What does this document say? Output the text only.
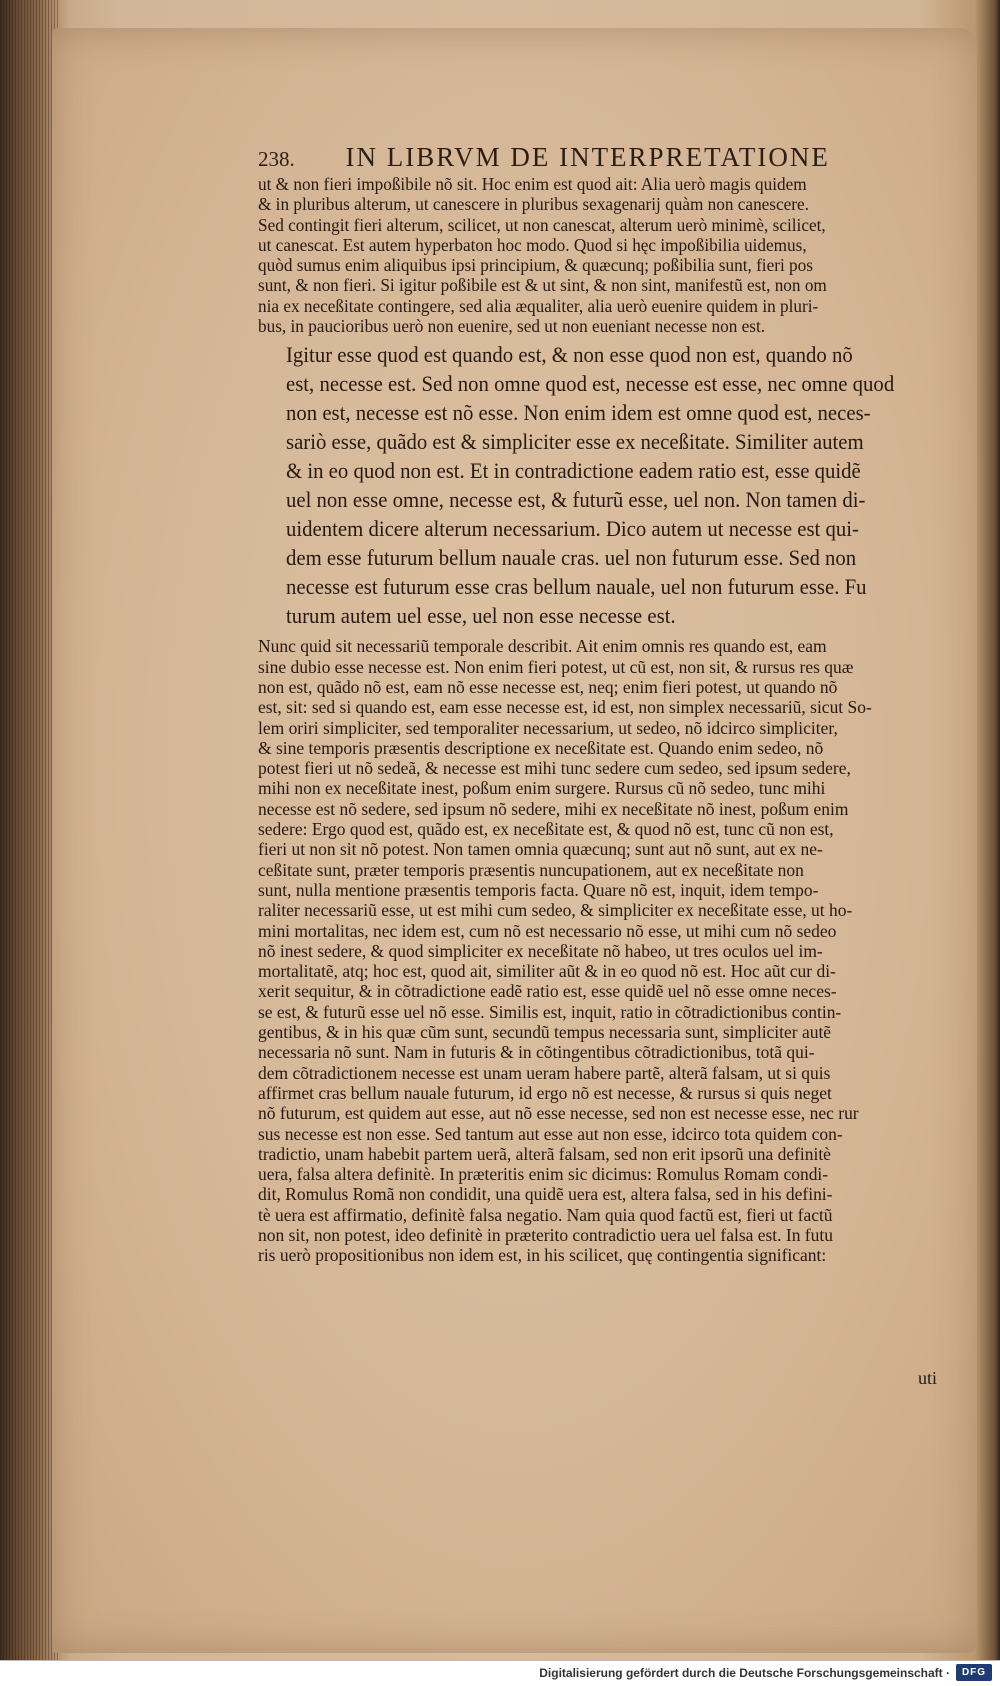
238. IN LIBRVM DE INTERPRETATIONE

ut & non fieri impoßibile nõ sit. Hoc enim est quod ait: Alia uerò magis quidem

& in pluribus alterum, ut canescere in pluribus sexagenarij quàm non canescere.

Sed contingit fieri alterum, scilicet, ut non canescat, alterum uerò minimè, scilicet,

ut canescat. Est autem hyperbaton hoc modo. Quod si hęc impoßibilia uidemus,

quòd sumus enim aliquibus ipsi principium, & quæcunq; poßibilia sunt, fieri pos

sunt, & non fieri. Si igitur poßibile est & ut sint, & non sint, manifestũ est, non om

nia ex neceßitate contingere, sed alia æqualiter, alia uerò euenire quidem in pluri-

bus, in paucioribus uerò non euenire, sed ut non eueniant necesse non est.

Igitur esse quod est quando est, & non esse quod non est, quando nõ

est, necesse est. Sed non omne quod est, necesse est esse, nec omne quod

non est, necesse est nõ esse. Non enim idem est omne quod est, neces-

sariò esse, quãdo est & simpliciter esse ex neceßitate. Similiter autem

& in eo quod non est. Et in contradictione eadem ratio est, esse quidẽ

uel non esse omne, necesse est, & futurũ esse, uel non. Non tamen di-

uidentem dicere alterum necessarium. Dico autem ut necesse est qui-

dem esse futurum bellum nauale cras. uel non futurum esse. Sed non

necesse est futurum esse cras bellum nauale, uel non futurum esse. Fu

turum autem uel esse, uel non esse necesse est.

Nunc quid sit necessariũ temporale describit. Ait enim omnis res quando est, eam

sine dubio esse necesse est. Non enim fieri potest, ut cũ est, non sit, & rursus res quæ

non est, quãdo nõ est, eam nõ esse necesse est, neq; enim fieri potest, ut quando nõ

est, sit: sed si quando est, eam esse necesse est, id est, non simplex necessariũ, sicut So-

lem oriri simpliciter, sed temporaliter necessarium, ut sedeo, nõ idcirco simpliciter,

& sine temporis præsentis descriptione ex neceßitate est. Quando enim sedeo, nõ

potest fieri ut nõ sedeã, & necesse est mihi tunc sedere cum sedeo, sed ipsum sedere,

mihi non ex neceßitate inest, poßum enim surgere. Rursus cũ nõ sedeo, tunc mihi

necesse est nõ sedere, sed ipsum nõ sedere, mihi ex neceßitate nõ inest, poßum enim

sedere: Ergo quod est, quãdo est, ex neceßitate est, & quod nõ est, tunc cũ non est,

fieri ut non sit nõ potest. Non tamen omnia quæcunq; sunt aut nõ sunt, aut ex ne-

ceßitate sunt, præter temporis præsentis nuncupationem, aut ex neceßitate non

sunt, nulla mentione præsentis temporis facta. Quare nõ est, inquit, idem tempo-

raliter necessariũ esse, ut est mihi cum sedeo, & simpliciter ex neceßitate esse, ut ho-

mini mortalitas, nec idem est, cum nõ est necessario nõ esse, ut mihi cum nõ sedeo

nõ inest sedere, & quod simpliciter ex neceßitate nõ habeo, ut tres oculos uel im-

mortalitatẽ, atq; hoc est, quod ait, similiter aũt & in eo quod nõ est. Hoc aũt cur di-

xerit sequitur, & in cõtradictione eadẽ ratio est, esse quidẽ uel nõ esse omne neces-

se est, & futurũ esse uel nõ esse. Similis est, inquit, ratio in cõtradictionibus contin-

gentibus, & in his quæ cũm sunt, secundũ tempus necessaria sunt, simpliciter autẽ

necessaria nõ sunt. Nam in futuris & in cõtingentibus cõtradictionibus, totã qui-

dem cõtradictionem necesse est unam ueram habere partẽ, alterã falsam, ut si quis

affirmet cras bellum nauale futurum, id ergo nõ est necesse, & rursus si quis neget

nõ futurum, est quidem aut esse, aut nõ esse necesse, sed non est necesse esse, nec rur

sus necesse est non esse. Sed tantum aut esse aut non esse, idcirco tota quidem con-

tradictio, unam habebit partem uerã, alterã falsam, sed non erit ipsorũ una definitè

uera, falsa altera definitè. In præteritis enim sic dicimus: Romulus Romam condi-

dit, Romulus Romã non condidit, una quidẽ uera est, altera falsa, sed in his defini-

tè uera est affirmatio, definitè falsa negatio. Nam quia quod factũ est, fieri ut factũ

non sit, non potest, ideo definitè in præterito contradictio uera uel falsa est. In futu

ris uerò propositionibus non idem est, in his scilicet, quę contingentia significant:

uti
Digitalisierung gefördert durch die Deutsche Forschungsgemeinschaft ·	DFG
